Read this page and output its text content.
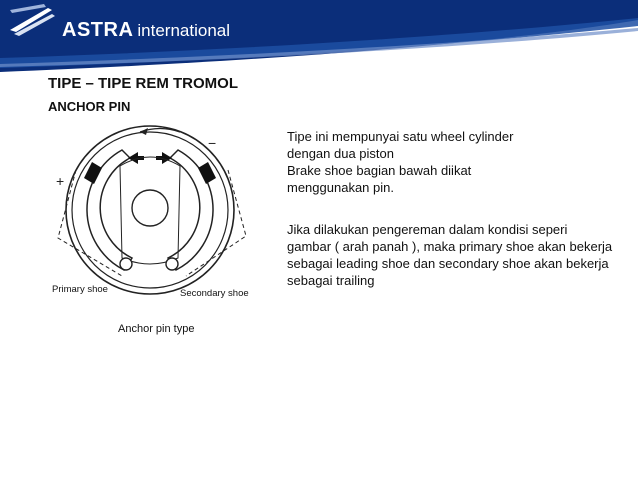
ASTRA international
TIPE – TIPE REM TROMOL
ANCHOR PIN
+
−
Primary shoe	Secondary shoe
Anchor pin type
Tipe ini mempunyai satu wheel cylinder
dengan dua piston
Brake shoe bagian bawah diikat
menggunakan pin.
Jika dilakukan pengereman dalam kondisi seperi
gambar ( arah panah ), maka primary shoe akan bekerja
sebagai leading shoe dan secondary shoe akan bekerja
sebagai trailing
